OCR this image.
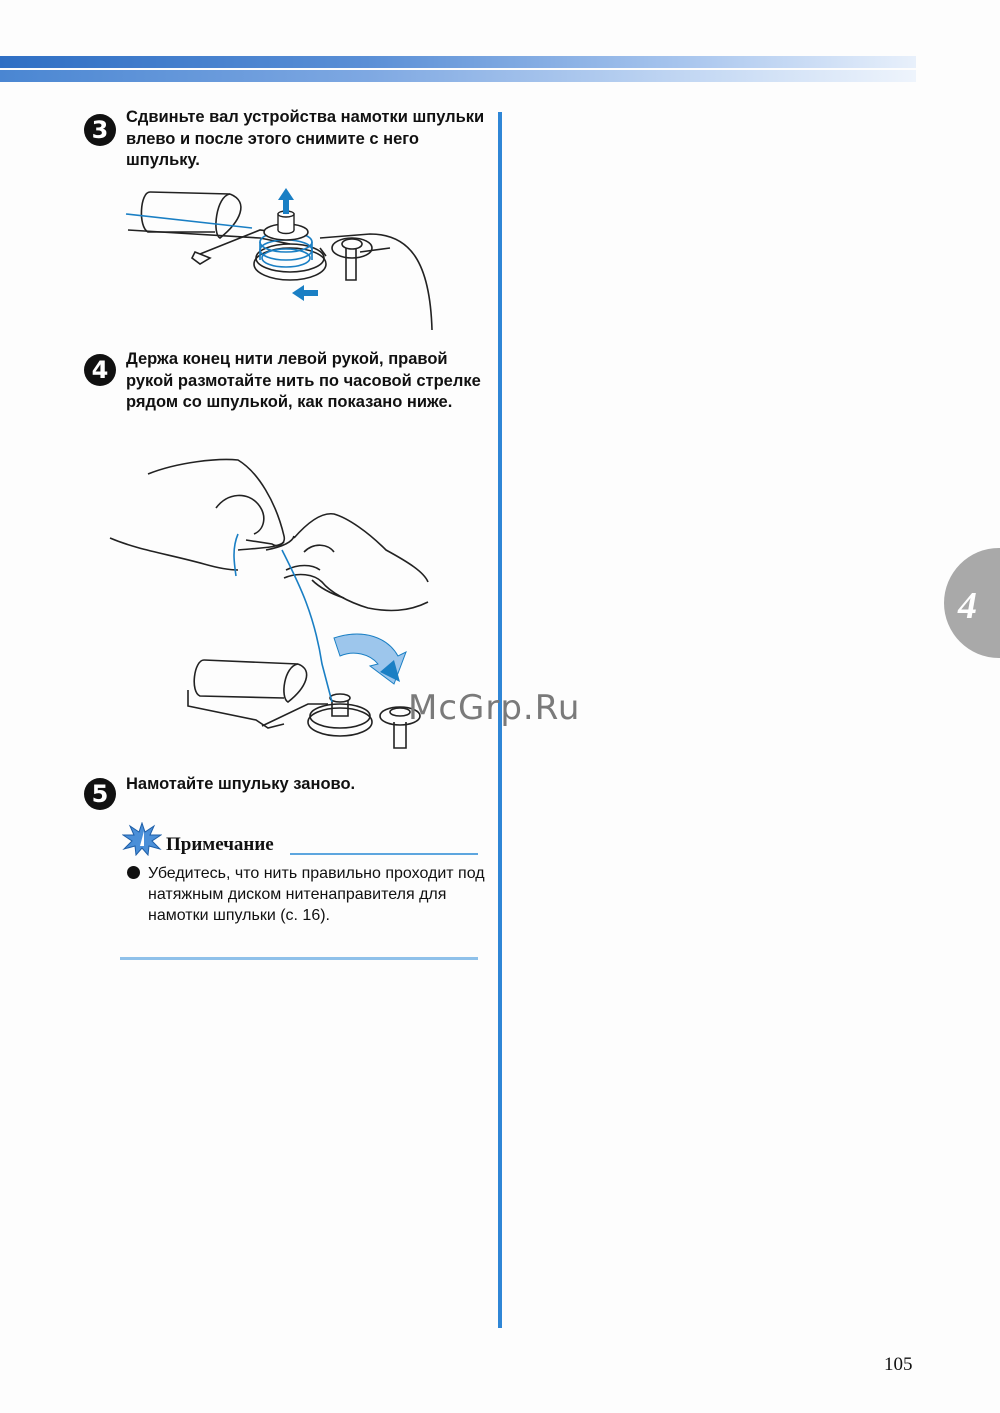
3	Сдвиньте вал устройства намотки шпульки влево и после этого снимите с него шпульку.
4	Держа конец нити левой рукой, правой рукой размотайте нить по часовой стрелке рядом со шпулькой, как показано ниже.
5	Намотайте шпульку заново.
Примечание
Убедитесь, что нить правильно проходит под натяжным диском нитенаправителя для намотки шпульки (с. 16).
McGrp.Ru
4
105
